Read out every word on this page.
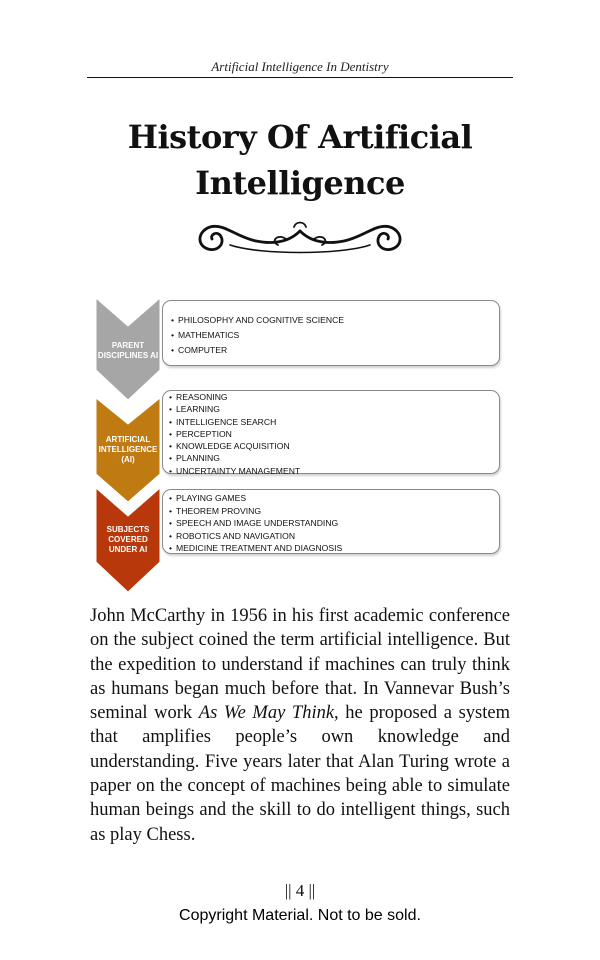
Artificial Intelligence In Dentistry
History Of Artificial Intelligence
PARENT DISCIPLINES AI
ARTIFICIAL INTELLIGENCE (AI)
SUBJECTS COVERED UNDER AI
• PHILOSOPHY AND COGNITIVE SCIENCE
• MATHEMATICS
• COMPUTER
• REASONING
• LEARNING
• INTELLIGENCE SEARCH
• PERCEPTION
• KNOWLEDGE ACQUISITION
• PLANNING
• UNCERTAINTY MANAGEMENT
• PLAYING GAMES
• THEOREM PROVING
• SPEECH AND IMAGE UNDERSTANDING
• ROBOTICS AND NAVIGATION
• MEDICINE TREATMENT AND DIAGNOSIS

John McCarthy in 1956 in his first academic conference on the subject coined the term artificial intelligence. But the expedition to understand if machines can truly think as humans began much before that. In Vannevar Bush’s seminal work As We May Think, he proposed a system that amplifies people’s own knowledge and understanding. Five years later that Alan Turing wrote a paper on the concept of machines being able to simulate human beings and the skill to do intelligent things, such as play Chess.

|| 4 ||
Copyright Material. Not to be sold.
